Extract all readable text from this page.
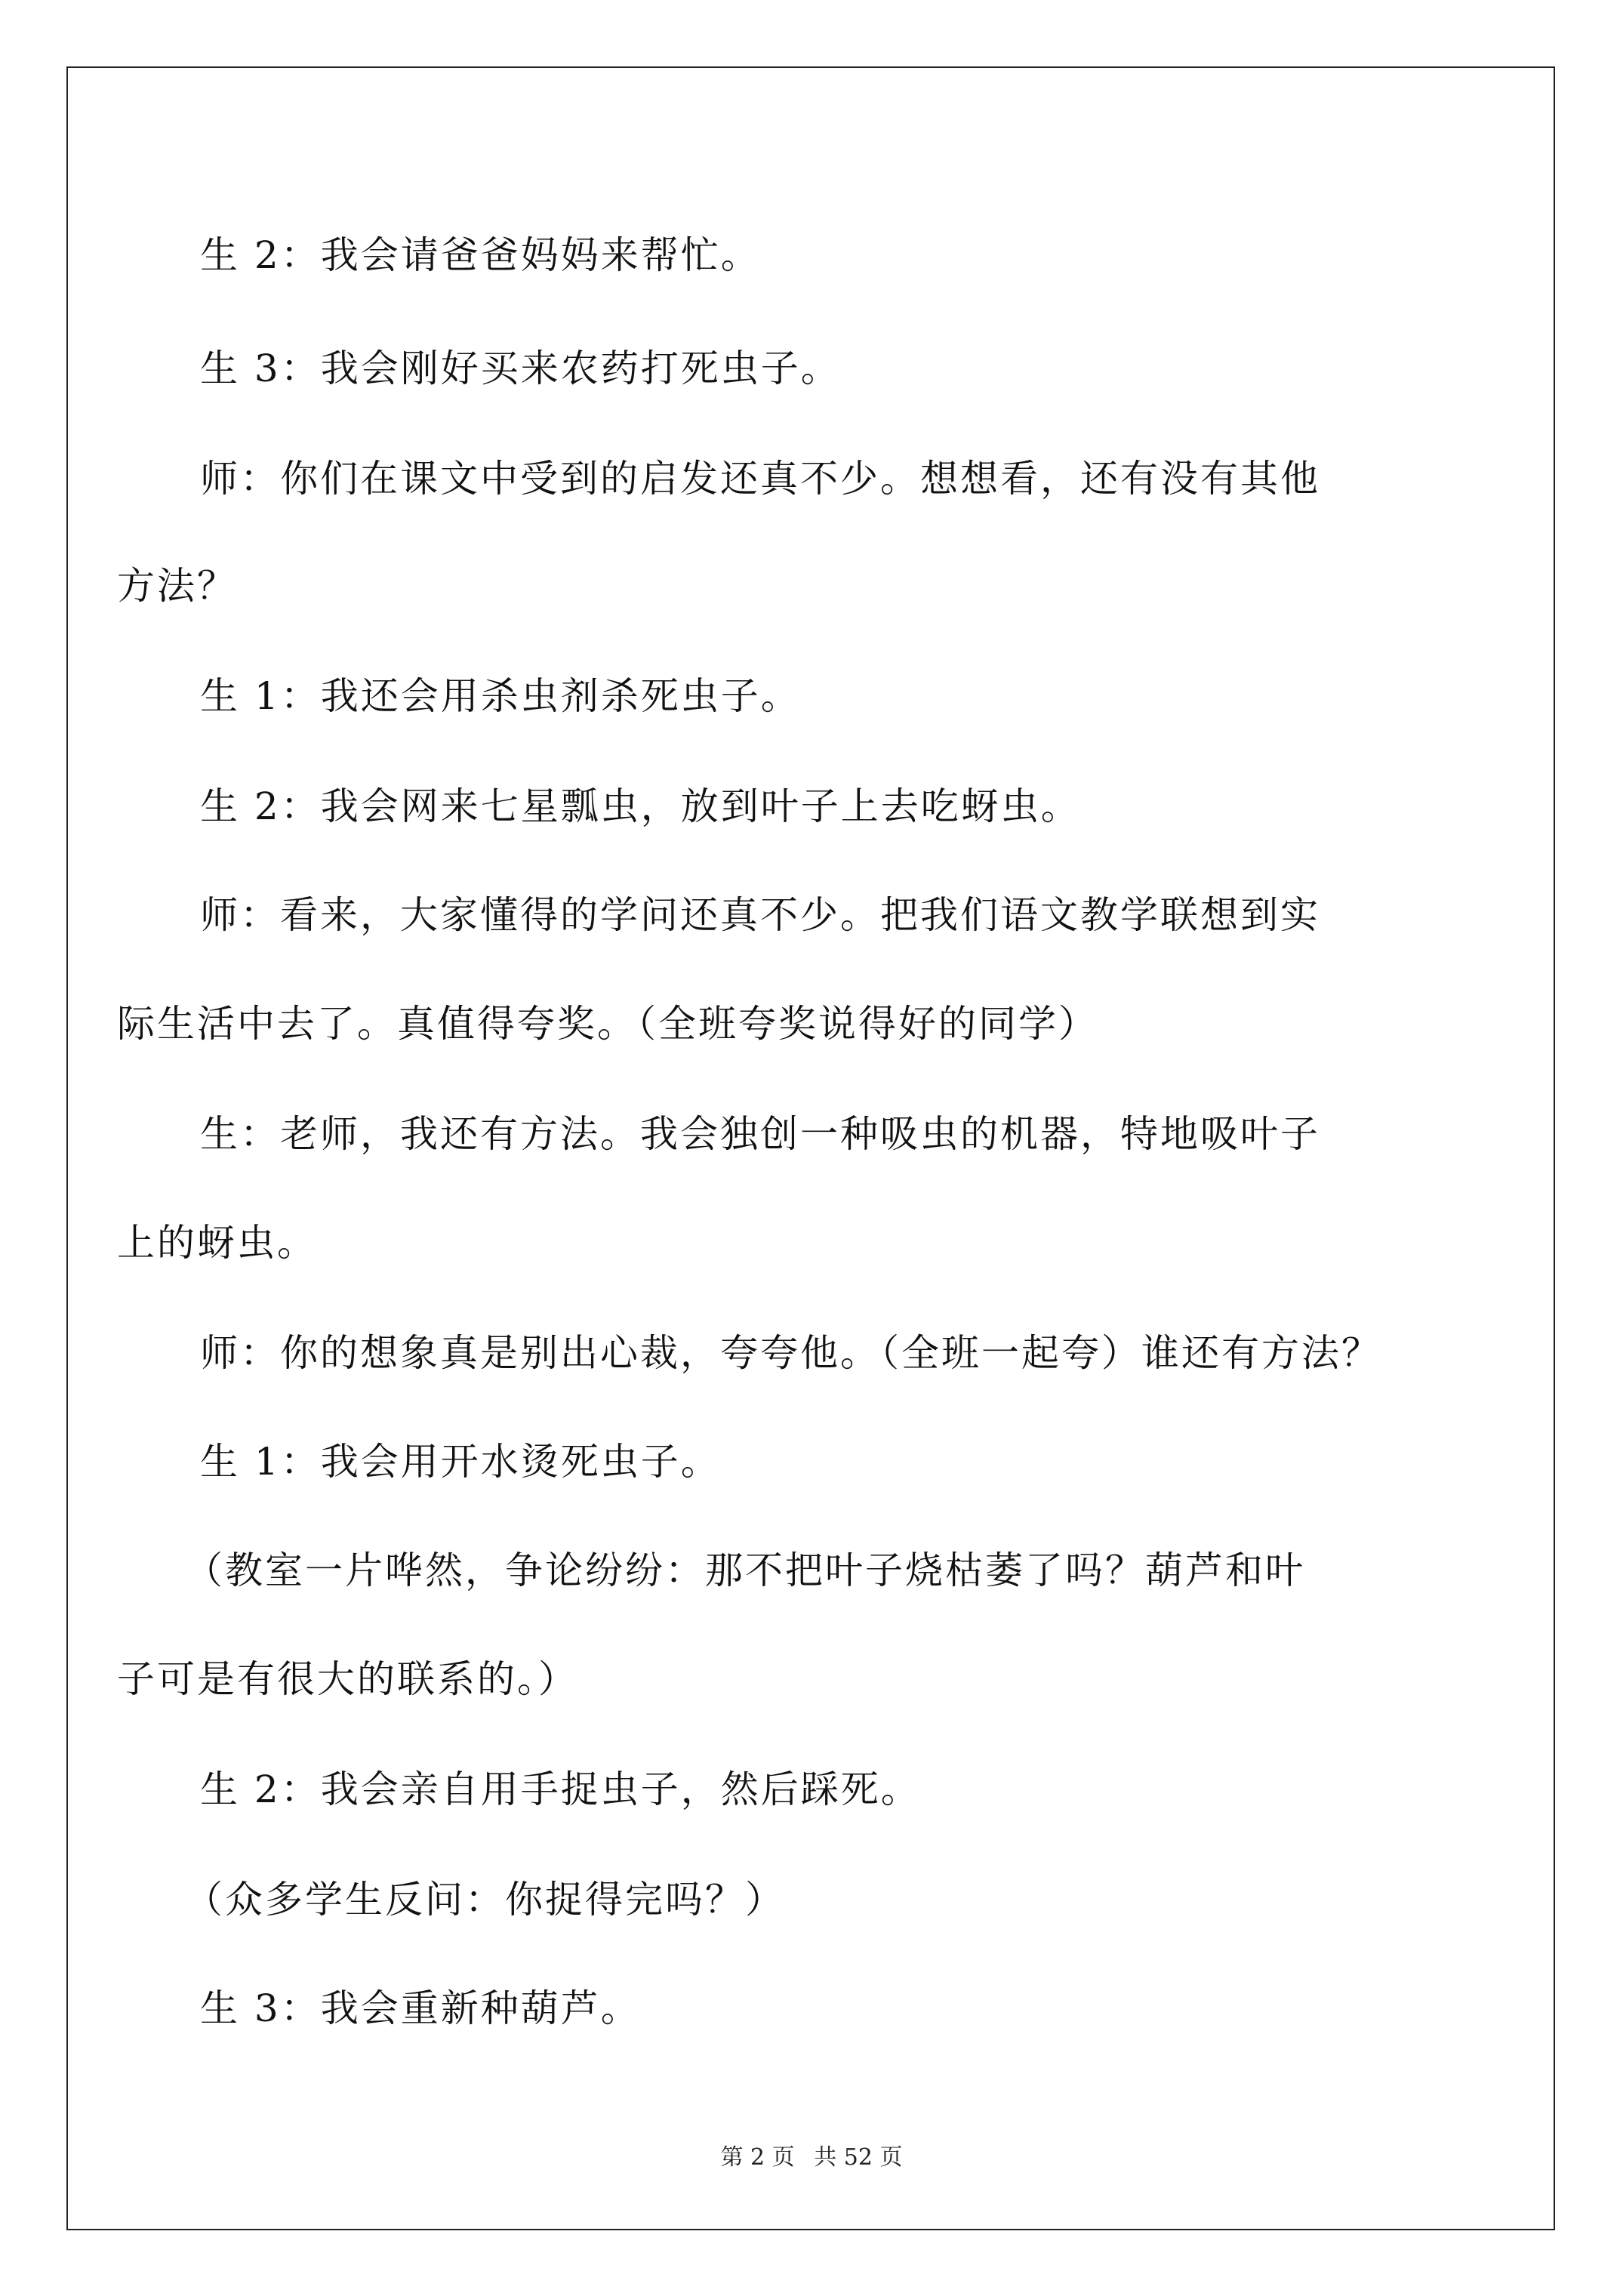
生 2：我会请爸爸妈妈来帮忙。
生 3：我会刚好买来农药打死虫子。
师：你们在课文中受到的启发还真不少。想想看，还有没有其他
方法？
生 1：我还会用杀虫剂杀死虫子。
生 2：我会网来七星瓢虫，放到叶子上去吃蚜虫。
师：看来，大家懂得的学问还真不少。把我们语文教学联想到实
际生活中去了。真值得夸奖。（全班夸奖说得好的同学）
生：老师，我还有方法。我会独创一种吸虫的机器，特地吸叶子
上的蚜虫。
师：你的想象真是别出心裁，夸夸他。（全班一起夸）谁还有方法？
生 1：我会用开水烫死虫子。
（教室一片哗然，争论纷纷：那不把叶子烧枯萎了吗？葫芦和叶
子可是有很大的联系的。）
生 2：我会亲自用手捉虫子，然后踩死。
（众多学生反问：你捉得完吗？）
生 3：我会重新种葫芦。
第 2 页 共 52 页
